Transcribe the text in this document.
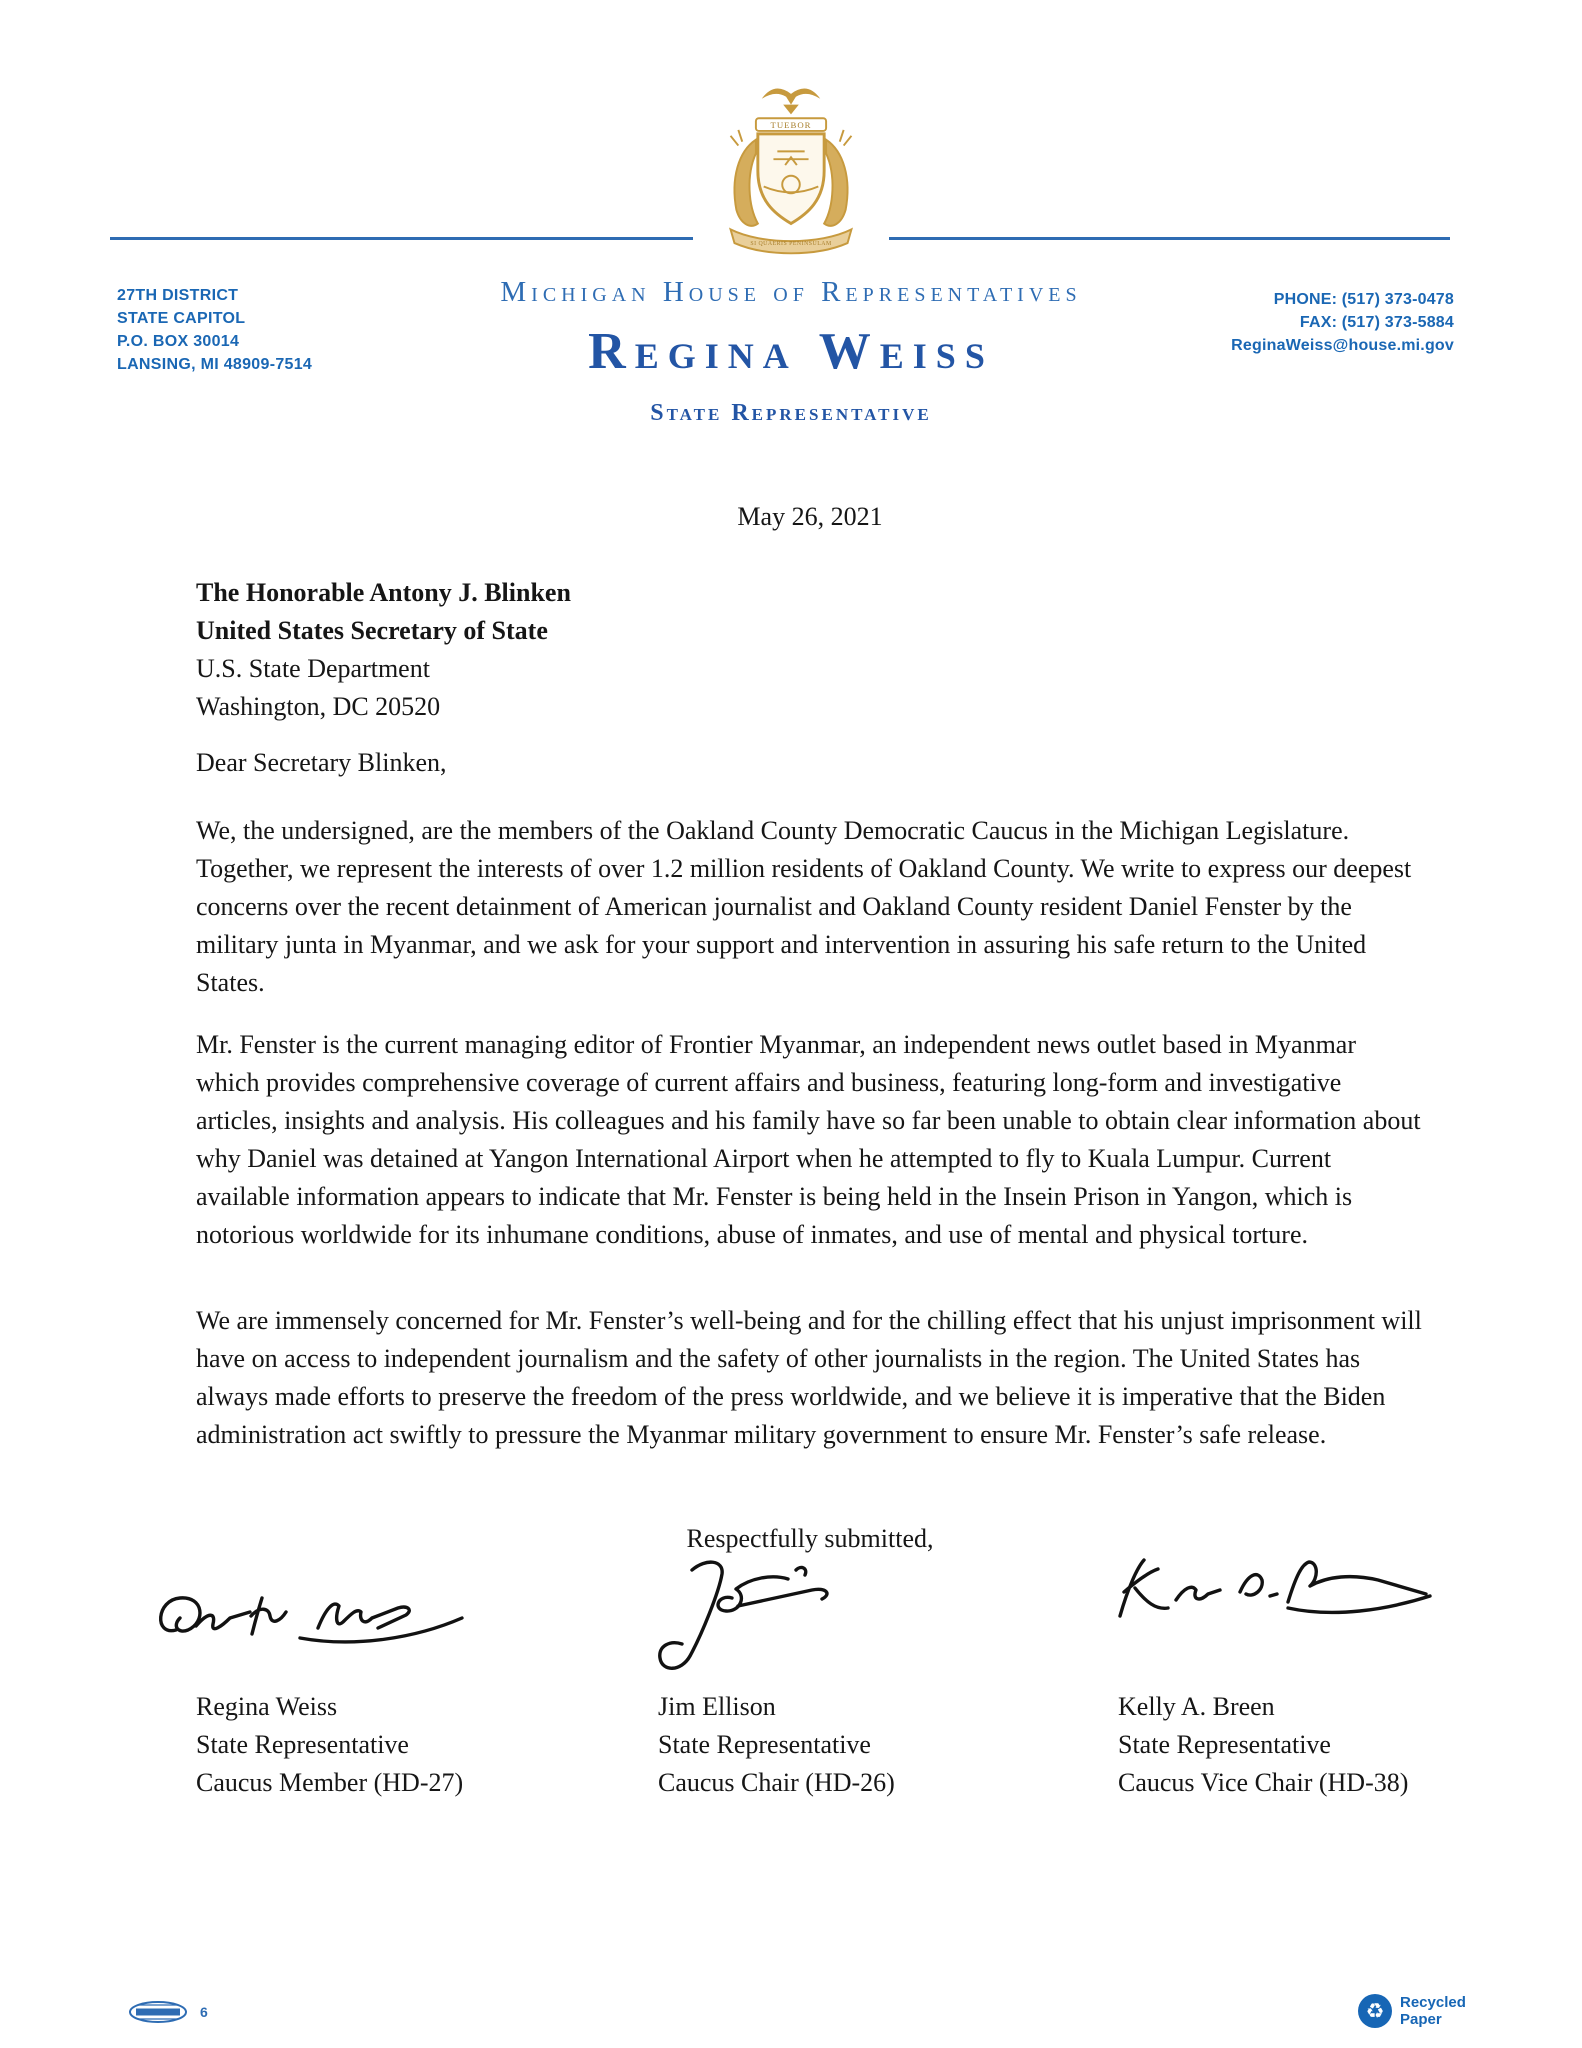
TUEBOR
SI QUAERIS PENINSULAM
27TH DISTRICT
STATE CAPITOL
P.O. BOX 30014
LANSING, MI 48909-7514
Michigan House of Representatives
Regina Weiss
State Representative
PHONE: (517) 373-0478
FAX: (517) 373-5884
ReginaWeiss@house.mi.gov
May 26, 2021
The Honorable Antony J. Blinken
United States Secretary of State
U.S. State Department
Washington, DC 20520
Dear Secretary Blinken,
We, the undersigned, are the members of the Oakland County Democratic Caucus in the Michigan Legislature. Together, we represent the interests of over 1.2 million residents of Oakland County. We write to express our deepest concerns over the recent detainment of American journalist and Oakland County resident Daniel Fenster by the military junta in Myanmar, and we ask for your support and intervention in assuring his safe return to the United States.
Mr. Fenster is the current managing editor of Frontier Myanmar, an independent news outlet based in Myanmar which provides comprehensive coverage of current affairs and business, featuring long-form and investigative articles, insights and analysis. His colleagues and his family have so far been unable to obtain clear information about why Daniel was detained at Yangon International Airport when he attempted to fly to Kuala Lumpur. Current available information appears to indicate that Mr. Fenster is being held in the Insein Prison in Yangon, which is notorious worldwide for its inhumane conditions, abuse of inmates, and use of mental and physical torture.
We are immensely concerned for Mr. Fenster’s well-being and for the chilling effect that his unjust imprisonment will have on access to independent journalism and the safety of other journalists in the region. The United States has always made efforts to preserve the freedom of the press worldwide, and we believe it is imperative that the Biden administration act swiftly to pressure the Myanmar military government to ensure Mr. Fenster’s safe release.
Respectfully submitted,
Regina Weiss
State Representative
Caucus Member (HD-27)
Jim Ellison
State Representative
Caucus Chair (HD-26)
Kelly A. Breen
State Representative
Caucus Vice Chair (HD-38)
6	♻	Recycled
Paper
